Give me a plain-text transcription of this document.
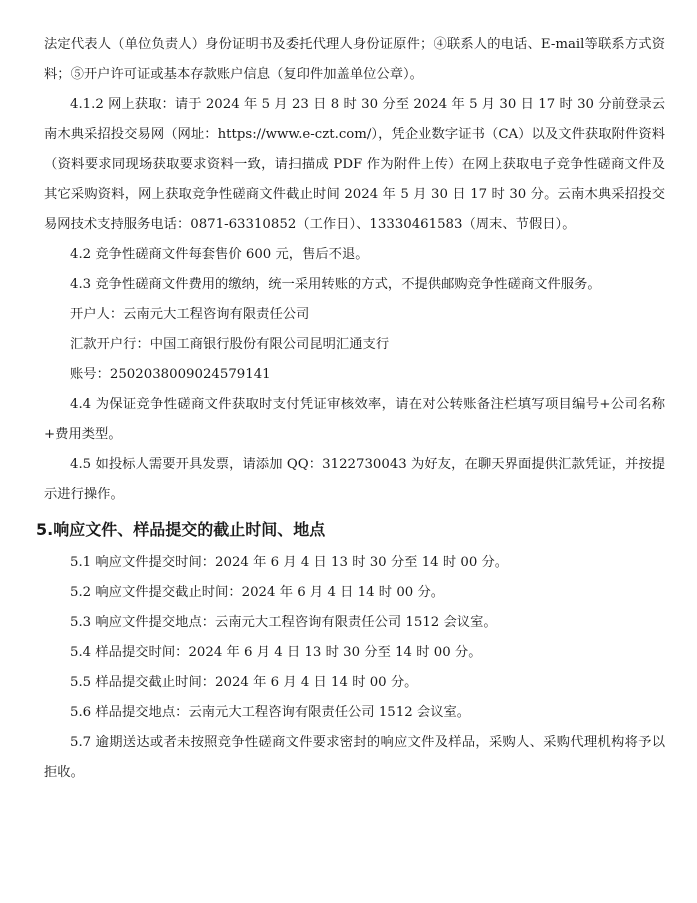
法定代表人（单位负责人）身份证明书及委托代理人身份证原件；④联系人的电话、E-mail等联系方式资料；⑤开户许可证或基本存款账户信息（复印件加盖单位公章）。

4.1.2 网上获取：请于 2024 年 5 月 23 日 8 时 30 分至 2024 年 5 月 30 日 17 时 30 分前登录云南木典采招投交易网（网址：https://www.e-czt.com/），凭企业数字证书（CA）以及文件获取附件资料（资料要求同现场获取要求资料一致，请扫描成 PDF 作为附件上传）在网上获取电子竞争性磋商文件及其它采购资料，网上获取竞争性磋商文件截止时间 2024 年 5 月 30 日 17 时 30 分。云南木典采招投交易网技术支持服务电话：0871-63310852（工作日）、13330461583（周末、节假日）。

4.2 竞争性磋商文件每套售价 600 元，售后不退。

4.3 竞争性磋商文件费用的缴纳，统一采用转账的方式，不提供邮购竞争性磋商文件服务。

开户人：云南元大工程咨询有限责任公司

汇款开户行：中国工商银行股份有限公司昆明汇通支行

账号：2502038009024579141

4.4 为保证竞争性磋商文件获取时支付凭证审核效率，请在对公转账备注栏填写项目编号+公司名称+费用类型。

4.5 如投标人需要开具发票，请添加 QQ：3122730043 为好友，在聊天界面提供汇款凭证，并按提示进行操作。

5.响应文件、样品提交的截止时间、地点

5.1 响应文件提交时间：2024 年 6 月 4 日 13 时 30 分至 14 时 00 分。

5.2 响应文件提交截止时间：2024 年 6 月 4 日 14 时 00 分。

5.3 响应文件提交地点：云南元大工程咨询有限责任公司 1512 会议室。

5.4 样品提交时间：2024 年 6 月 4 日 13 时 30 分至 14 时 00 分。

5.5 样品提交截止时间：2024 年 6 月 4 日 14 时 00 分。

5.6 样品提交地点：云南元大工程咨询有限责任公司 1512 会议室。

5.7 逾期送达或者未按照竞争性磋商文件要求密封的响应文件及样品，采购人、采购代理机构将予以拒收。
